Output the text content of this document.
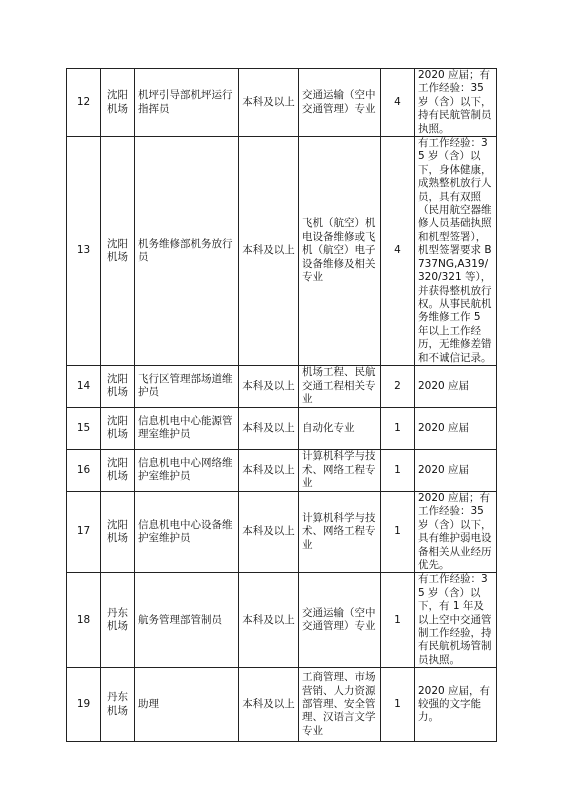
12	沈阳机场	机坪引导部机坪运行指挥员	本科及以上	交通运输（空中交通管理）专业	4	2020 应届；有工作经验：35 岁（含）以下，持有民航管制员执照。
13	沈阳机场	机务维修部机务放行员	本科及以上	飞机（航空）机电设备维修或飞机（航空）电子设备维修及相关专业	4	有工作经验：35 岁（含）以下，身体健康，成熟整机放行人员，具有双照（民用航空器维修人员基础执照和机型签署），机型签署要求 B737NG,A319/320/321 等），并获得整机放行权。从事民航机务维修工作 5 年以上工作经历，无维修差错和不诚信记录。
14	沈阳机场	飞行区管理部场道维护员	本科及以上	机场工程、民航交通工程相关专业	2	2020 应届
15	沈阳机场	信息机电中心能源管理室维护员	本科及以上	自动化专业	1	2020 应届
16	沈阳机场	信息机电中心网络维护室维护员	本科及以上	计算机科学与技术、网络工程专业	1	2020 应届
17	沈阳机场	信息机电中心设备维护室维护员	本科及以上	计算机科学与技术、网络工程专业	1	2020 应届；有工作经验：35 岁（含）以下，具有维护弱电设备相关从业经历优先。
18	丹东机场	航务管理部管制员	本科及以上	交通运输（空中交通管理）专业	1	有工作经验：35 岁（含）以下，有 1 年及以上空中交通管制工作经验，持有民航机场管制员执照。
19	丹东机场	助理	本科及以上	工商管理、市场营销、人力资源部管理、安全管理、汉语言文学专业	1	2020 应届，有较强的文字能力。
